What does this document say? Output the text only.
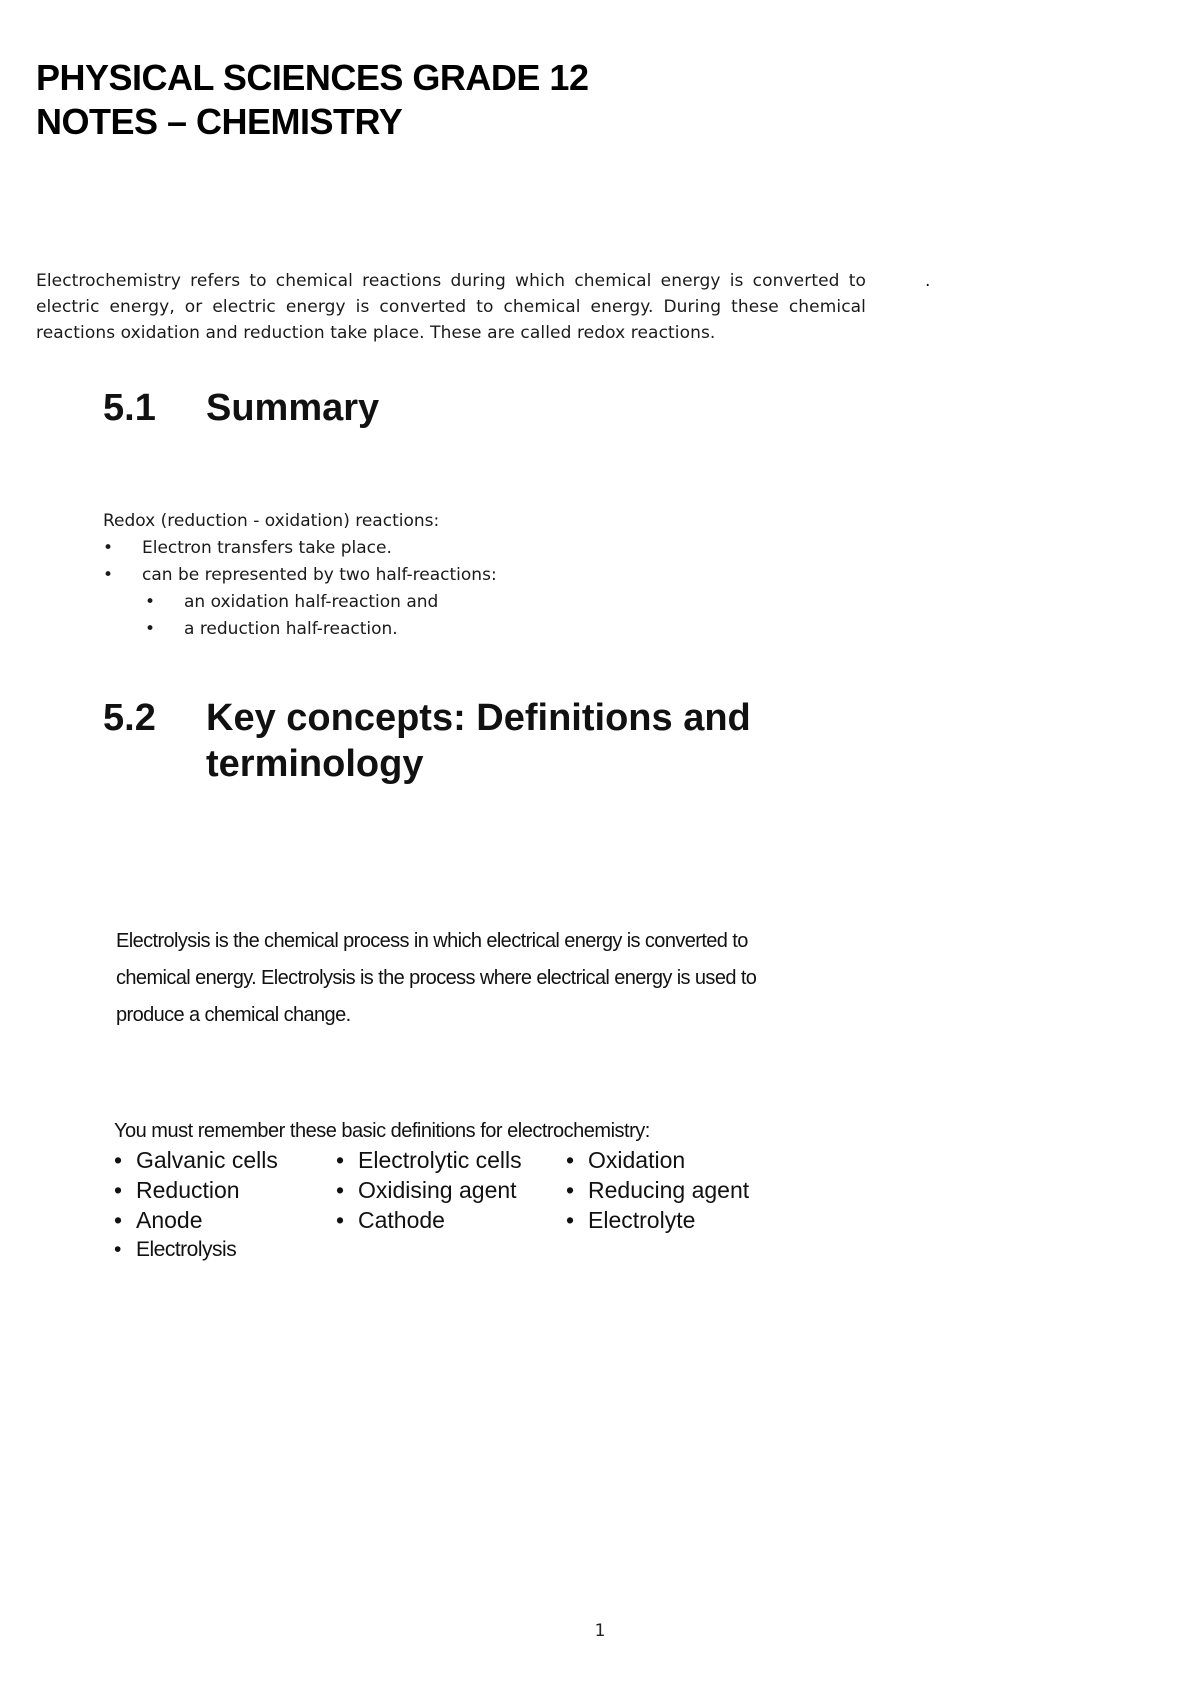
PHYSICAL SCIENCES GRADE 12
NOTES – CHEMISTRY

Electrochemistry refers to chemical reactions during which chemical energy is converted to electric energy, or electric energy is converted to chemical energy. During these chemical reactions oxidation and reduction take place. These are called redox reactions.

.
5.1 Summary
Redox (reduction - oxidation) reactions:
•	Electron transfers take place.
•	can be represented by two half-reactions:
•	an oxidation half-reaction and
•	a reduction half-reaction.
5.2 Key concepts: Definitions and terminology

Electrolysis is the chemical process in which electrical energy is converted to chemical energy. Electrolysis is the process where electrical energy is used to produce a chemical change.

You must remember these basic definitions for electrochemistry:
• Galvanic cells	• Electrolytic cells • Oxidation
• Reduction	• Oxidising agent • Reducing agent
• Anode	• Cathode	• Electrolyte
• Electrolysis
1
